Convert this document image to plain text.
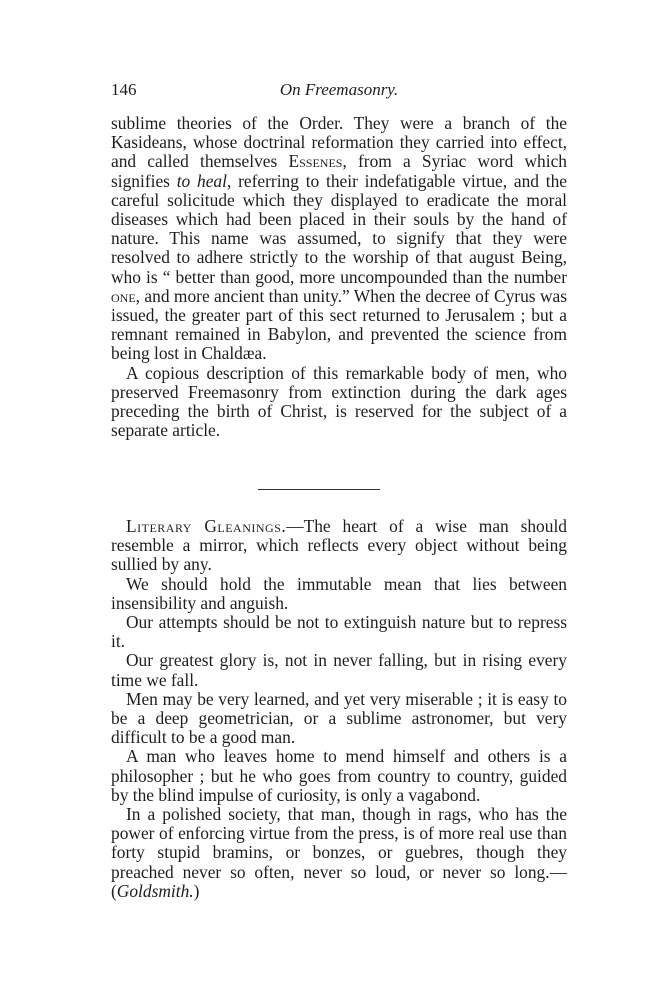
146	On Freemasonry.

sublime theories of the Order. They were a branch of the Kasideans, whose doctrinal reformation they carried into effect, and called themselves Essenes, from a Syriac word which signifies to heal, referring to their indefatigable virtue, and the careful solicitude which they displayed to eradicate the moral diseases which had been placed in their souls by the hand of nature. This name was assumed, to signify that they were resolved to adhere strictly to the worship of that august Being, who is “ better than good, more uncompounded than the number one, and more ancient than unity.” When the decree of Cyrus was issued, the greater part of this sect returned to Jerusalem ; but a remnant remained in Babylon, and prevented the science from being lost in Chaldæa.

A copious description of this remarkable body of men, who preserved Freemasonry from extinction during the dark ages preceding the birth of Christ, is reserved for the subject of a separate article.

Literary Gleanings.—The heart of a wise man should resemble a mirror, which reflects every object without being sullied by any.

We should hold the immutable mean that lies between insensibility and anguish.

Our attempts should be not to extinguish nature but to repress it.

Our greatest glory is, not in never falling, but in rising every time we fall.

Men may be very learned, and yet very miserable ; it is easy to be a deep geometrician, or a sublime astronomer, but very difficult to be a good man.

A man who leaves home to mend himself and others is a philosopher ; but he who goes from country to country, guided by the blind impulse of curiosity, is only a vagabond.

In a polished society, that man, though in rags, who has the power of enforcing virtue from the press, is of more real use than forty stupid bramins, or bonzes, or guebres, though they preached never so often, never so loud, or never so long.—(Goldsmith.)
